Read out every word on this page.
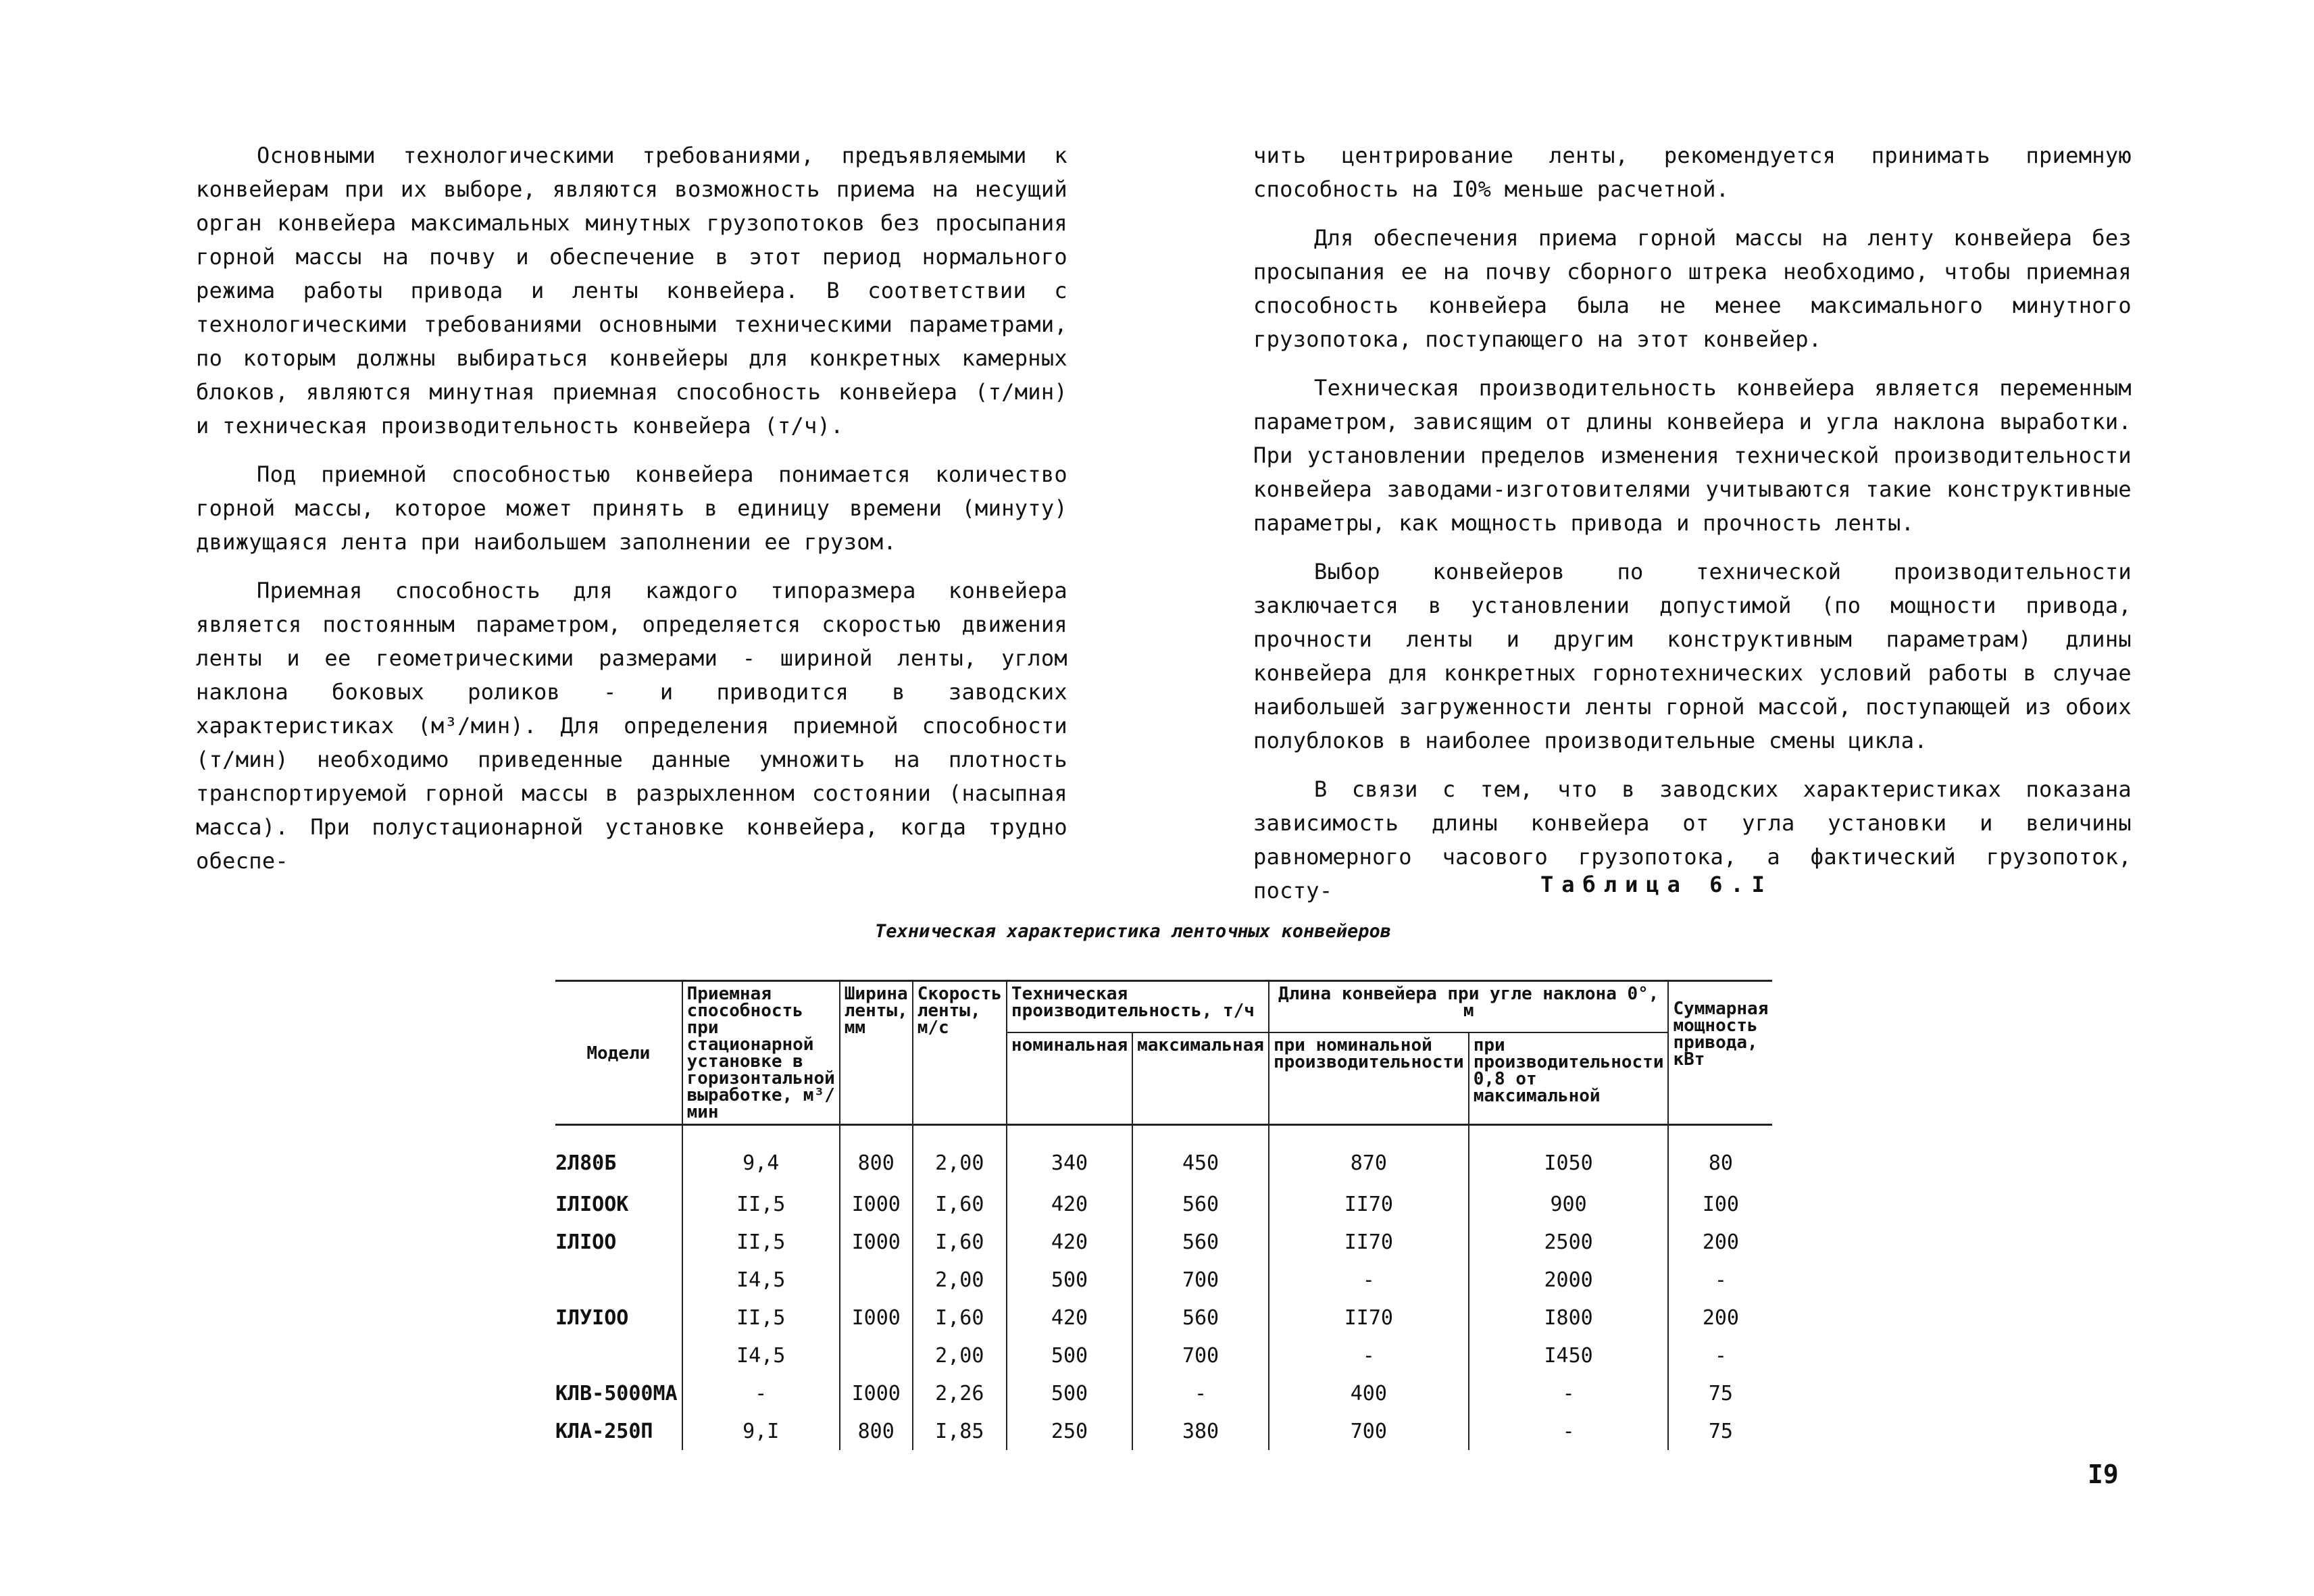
Основными технологическими требованиями, предъявляемыми к конвейерам при их выборе, являются возможность приема на несущий орган конвейера максимальных минутных грузопотоков без просыпания горной массы на почву и обеспечение в этот период нормального режима работы привода и ленты конвейера. В соответствии с технологическими требованиями основными техническими параметрами, по которым должны выбираться конвейеры для конкретных камерных блоков, являются минутная приемная способность конвейера (т/мин) и техническая производительность конвейера (т/ч).

Под приемной способностью конвейера понимается количество горной массы, которое может принять в единицу времени (минуту) движущаяся лента при наибольшем заполнении ее грузом.

Приемная способность для каждого типоразмера конвейера является постоянным параметром, определяется скоростью движения ленты и ее геометрическими размерами - шириной ленты, углом наклона боковых роликов - и приводится в заводских характеристиках (м³/мин). Для определения приемной способности (т/мин) необходимо приведенные данные умножить на плотность транспортируемой горной массы в разрыхленном состоянии (насыпная масса). При полустационарной установке конвейера, когда трудно обеспе-

чить центрирование ленты, рекомендуется принимать приемную способность на I0% меньше расчетной.

Для обеспечения приема горной массы на ленту конвейера без просыпания ее на почву сборного штрека необходимо, чтобы приемная способность конвейера была не менее максимального минутного грузопотока, поступающего на этот конвейер.

Техническая производительность конвейера является переменным параметром, зависящим от длины конвейера и угла наклона выработки. При установлении пределов изменения технической производительности конвейера заводами-изготовителями учитываются такие конструктивные параметры, как мощность привода и прочность ленты.

Выбор конвейеров по технической производительности заключается в установлении допустимой (по мощности привода, прочности ленты и другим конструктивным параметрам) длины конвейера для конкретных горнотехнических условий работы в случае наибольшей загруженности ленты горной массой, поступающей из обоих полублоков в наиболее производительные смены цикла.

В связи с тем, что в заводских характеристиках показана зависимость длины конвейера от угла установки и величины равномерного часового грузопотока, а фактический грузопоток, посту-	Таблица 6.I
Техническая характеристика ленточных конвейеров
Модели	Приемная способность при стационарной установке в горизонтальной выработке, м³/мин	Ширина ленты, мм	Скорость ленты, м/с	Техническая производительность, т/ч		Длина конвейера при угле наклона 0°, м		Суммарная мощность привода, кВт
				номинальная	максимальная	при номинальной производительности	при производительности 0,8 от максимальной	
2Л80Б	9,4	800	2,00	340	450	870	I050	80
IЛIООК	II,5	I000	I,60	420	560	II70	900	I00
IЛIОО	II,5	I000	I,60	420	560	II70	2500	200
	I4,5		2,00	500	700	-	2000	-
IЛУIОО	II,5	I000	I,60	420	560	II70	I800	200
	I4,5		2,00	500	700	-	I450	-
КЛВ-5000МА	-	I000	2,26	500	-	400	-	75
КЛА-250П	9,I	800	I,85	250	380	700	-	75
I9
